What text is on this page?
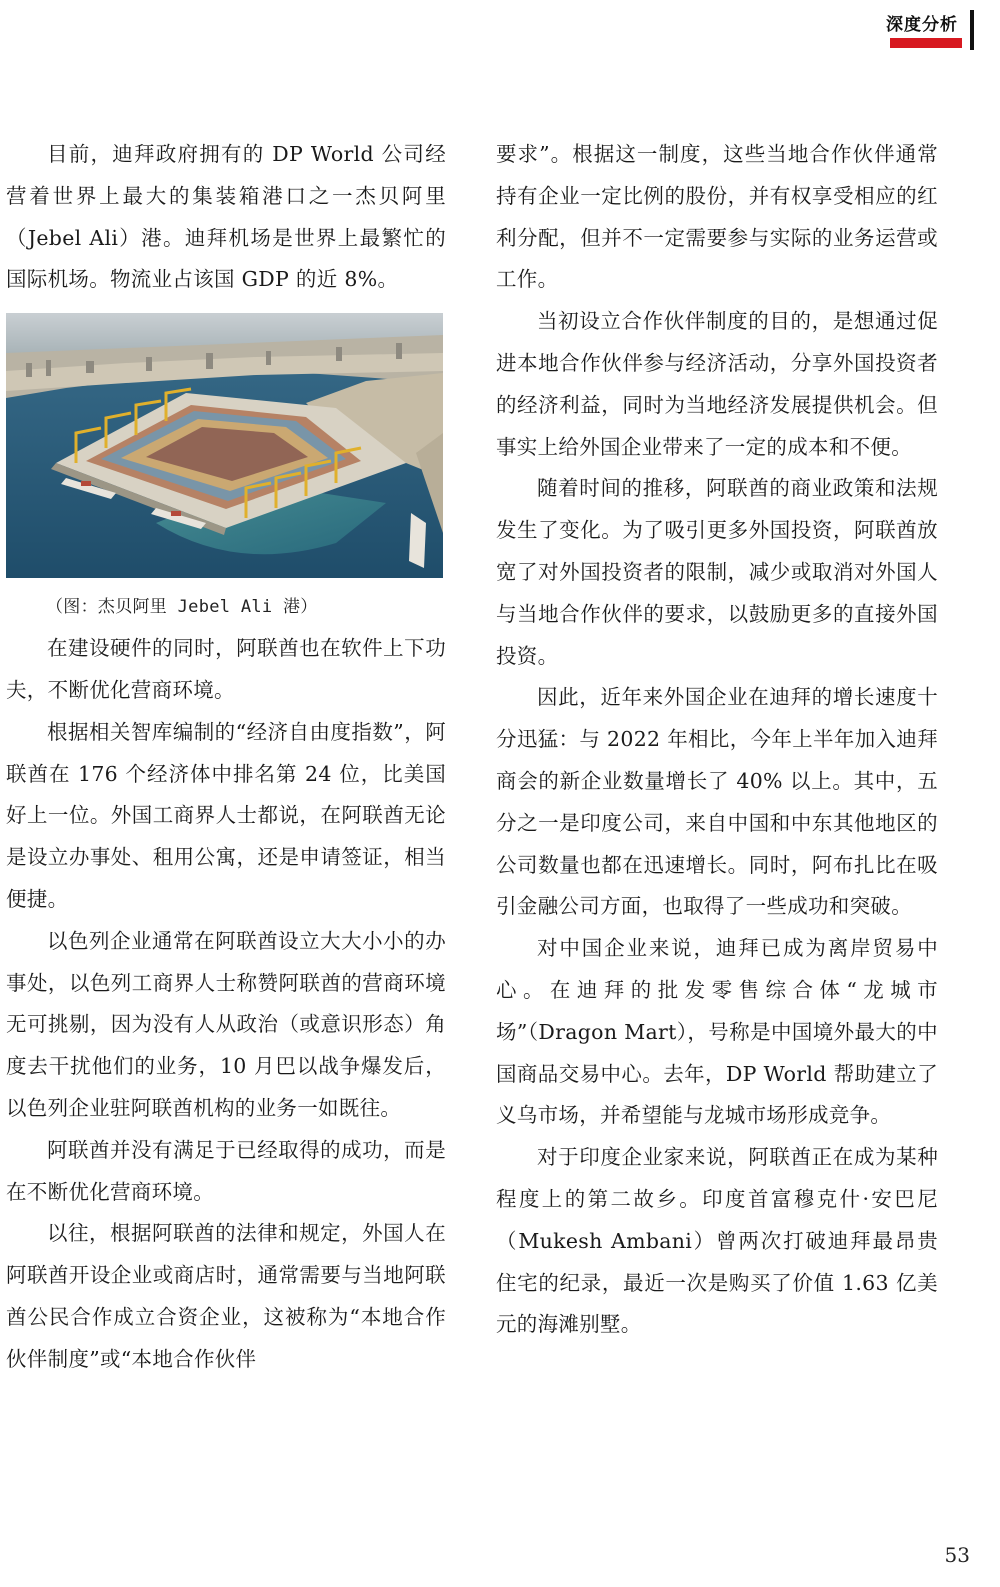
深度分析

目前，迪拜政府拥有的 DP World 公司经营着世界上最大的集装箱港口之一杰贝阿里（Jebel Ali）港。迪拜机场是世界上最繁忙的国际机场。物流业占该国 GDP 的近 8%。

（图：杰贝阿里 Jebel Ali 港）

在建设硬件的同时，阿联酋也在软件上下功夫，不断优化营商环境。

根据相关智库编制的“经济自由度指数”，阿联酋在 176 个经济体中排名第 24 位，比美国好上一位。外国工商界人士都说，在阿联酋无论是设立办事处、租用公寓，还是申请签证，相当便捷。

以色列企业通常在阿联酋设立大大小小的办事处，以色列工商界人士称赞阿联酋的营商环境无可挑剔，因为没有人从政治（或意识形态）角度去干扰他们的业务，10 月巴以战争爆发后，以色列企业驻阿联酋机构的业务一如既往。

阿联酋并没有满足于已经取得的成功，而是在不断优化营商环境。

以往，根据阿联酋的法律和规定，外国人在阿联酋开设企业或商店时，通常需要与当地阿联酋公民合作成立合资企业，这被称为“本地合作伙伴制度”或“本地合作伙伴

要求”。根据这一制度，这些当地合作伙伴通常持有企业一定比例的股份，并有权享受相应的红利分配，但并不一定需要参与实际的业务运营或工作。

当初设立合作伙伴制度的目的，是想通过促进本地合作伙伴参与经济活动，分享外国投资者的经济利益，同时为当地经济发展提供机会。但事实上给外国企业带来了一定的成本和不便。

随着时间的推移，阿联酋的商业政策和法规发生了变化。为了吸引更多外国投资，阿联酋放宽了对外国投资者的限制，减少或取消对外国人与当地合作伙伴的要求，以鼓励更多的直接外国投资。

因此，近年来外国企业在迪拜的增长速度十分迅猛：与 2022 年相比，今年上半年加入迪拜商会的新企业数量增长了 40% 以上。其中，五分之一是印度公司，来自中国和中东其他地区的公司数量也都在迅速增长。同时，阿布扎比在吸引金融公司方面，也取得了一些成功和突破。

对中国企业来说，迪拜已成为离岸贸易中心。在迪拜的批发零售综合体“龙城市场”（Dragon Mart），号称是中国境外最大的中国商品交易中心。去年，DP World 帮助建立了义乌市场，并希望能与龙城市场形成竞争。

对于印度企业家来说，阿联酋正在成为某种程度上的第二故乡。印度首富穆克什·安巴尼（Mukesh Ambani）曾两次打破迪拜最昂贵住宅的纪录，最近一次是购买了价值 1.63 亿美元的海滩别墅。

53
